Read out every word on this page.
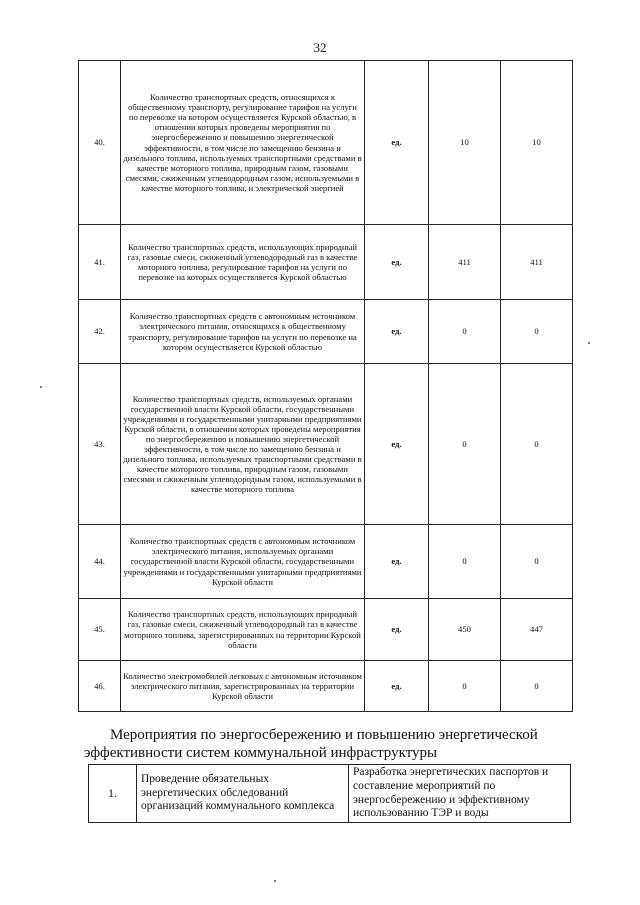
32
40.	Количество транспортных средств, относящихся к общественному транспорту, регулирование тарифов на услуги по перевозке на котором осуществляется Курской областью, в отношении которых проведены мероприятия по энергосбережению и повышению энергетической эффективности, в том числе по замещению бензина и дизельного топлива, используемых транспортными средствами в качестве моторного топлива, природным газом, газовыми смесями, сжиженным углеводородным газом, используемыми в качестве моторного топлива, и электрической энергией	ед.	10	10
41.	Количество транспортных средств, использующих природный газ, газовые смеси, сжиженный углеводородный газ в качестве моторного топлива, регулирование тарифов на услуги по перевозке на которых осуществляется Курской областью	ед.	411	411
42.	Количество транспортных средств с автономным источником электрического питания, относящихся к общественному транспорту, регулирование тарифов на услуги по перевозке на котором осуществляется Курской областью	ед.	0	0
43.	Количество транспортных средств, используемых органами государственной власти Курской области, государственными учреждениями и государственными унитарными предприятиями Курской области, в отношении которых проведены мероприятия по энергосбережению и повышению энергетической эффективности, в том числе по замещению бензина и дизельного топлива, используемых транспортными средствами в качестве моторного топлива, природным газом, газовыми смесями и сжиженным углеводородным газом, используемыми в качестве моторного топлива	ед.	0	0
44.	Количество транспортных средств с автономным источником электрического питания, используемых органами государственной власти Курской области, государственными учреждениями и государственными унитарными предприятиями Курской области	ед.	0	0
45.	Количество транспортных средств, использующих природный газ, газовые смеси, сжиженный углеводородный газ в качестве моторного топлива, зарегистрированных на территории Курской области	ед.	450	447
46.	Количество электромобилей легковых с автономным источником электрического питания, зарегистрированных на территории Курской области	ед.	0	0
Мероприятия по энергосбережению и повышению энергетической
эффективности систем коммунальной инфраструктуры
1.	Проведение обязательных энергетических обследований организаций коммунального комплекса	Разработка энергетических паспортов и составление мероприятий по энергосбережению и эффективному использованию ТЭР и воды
